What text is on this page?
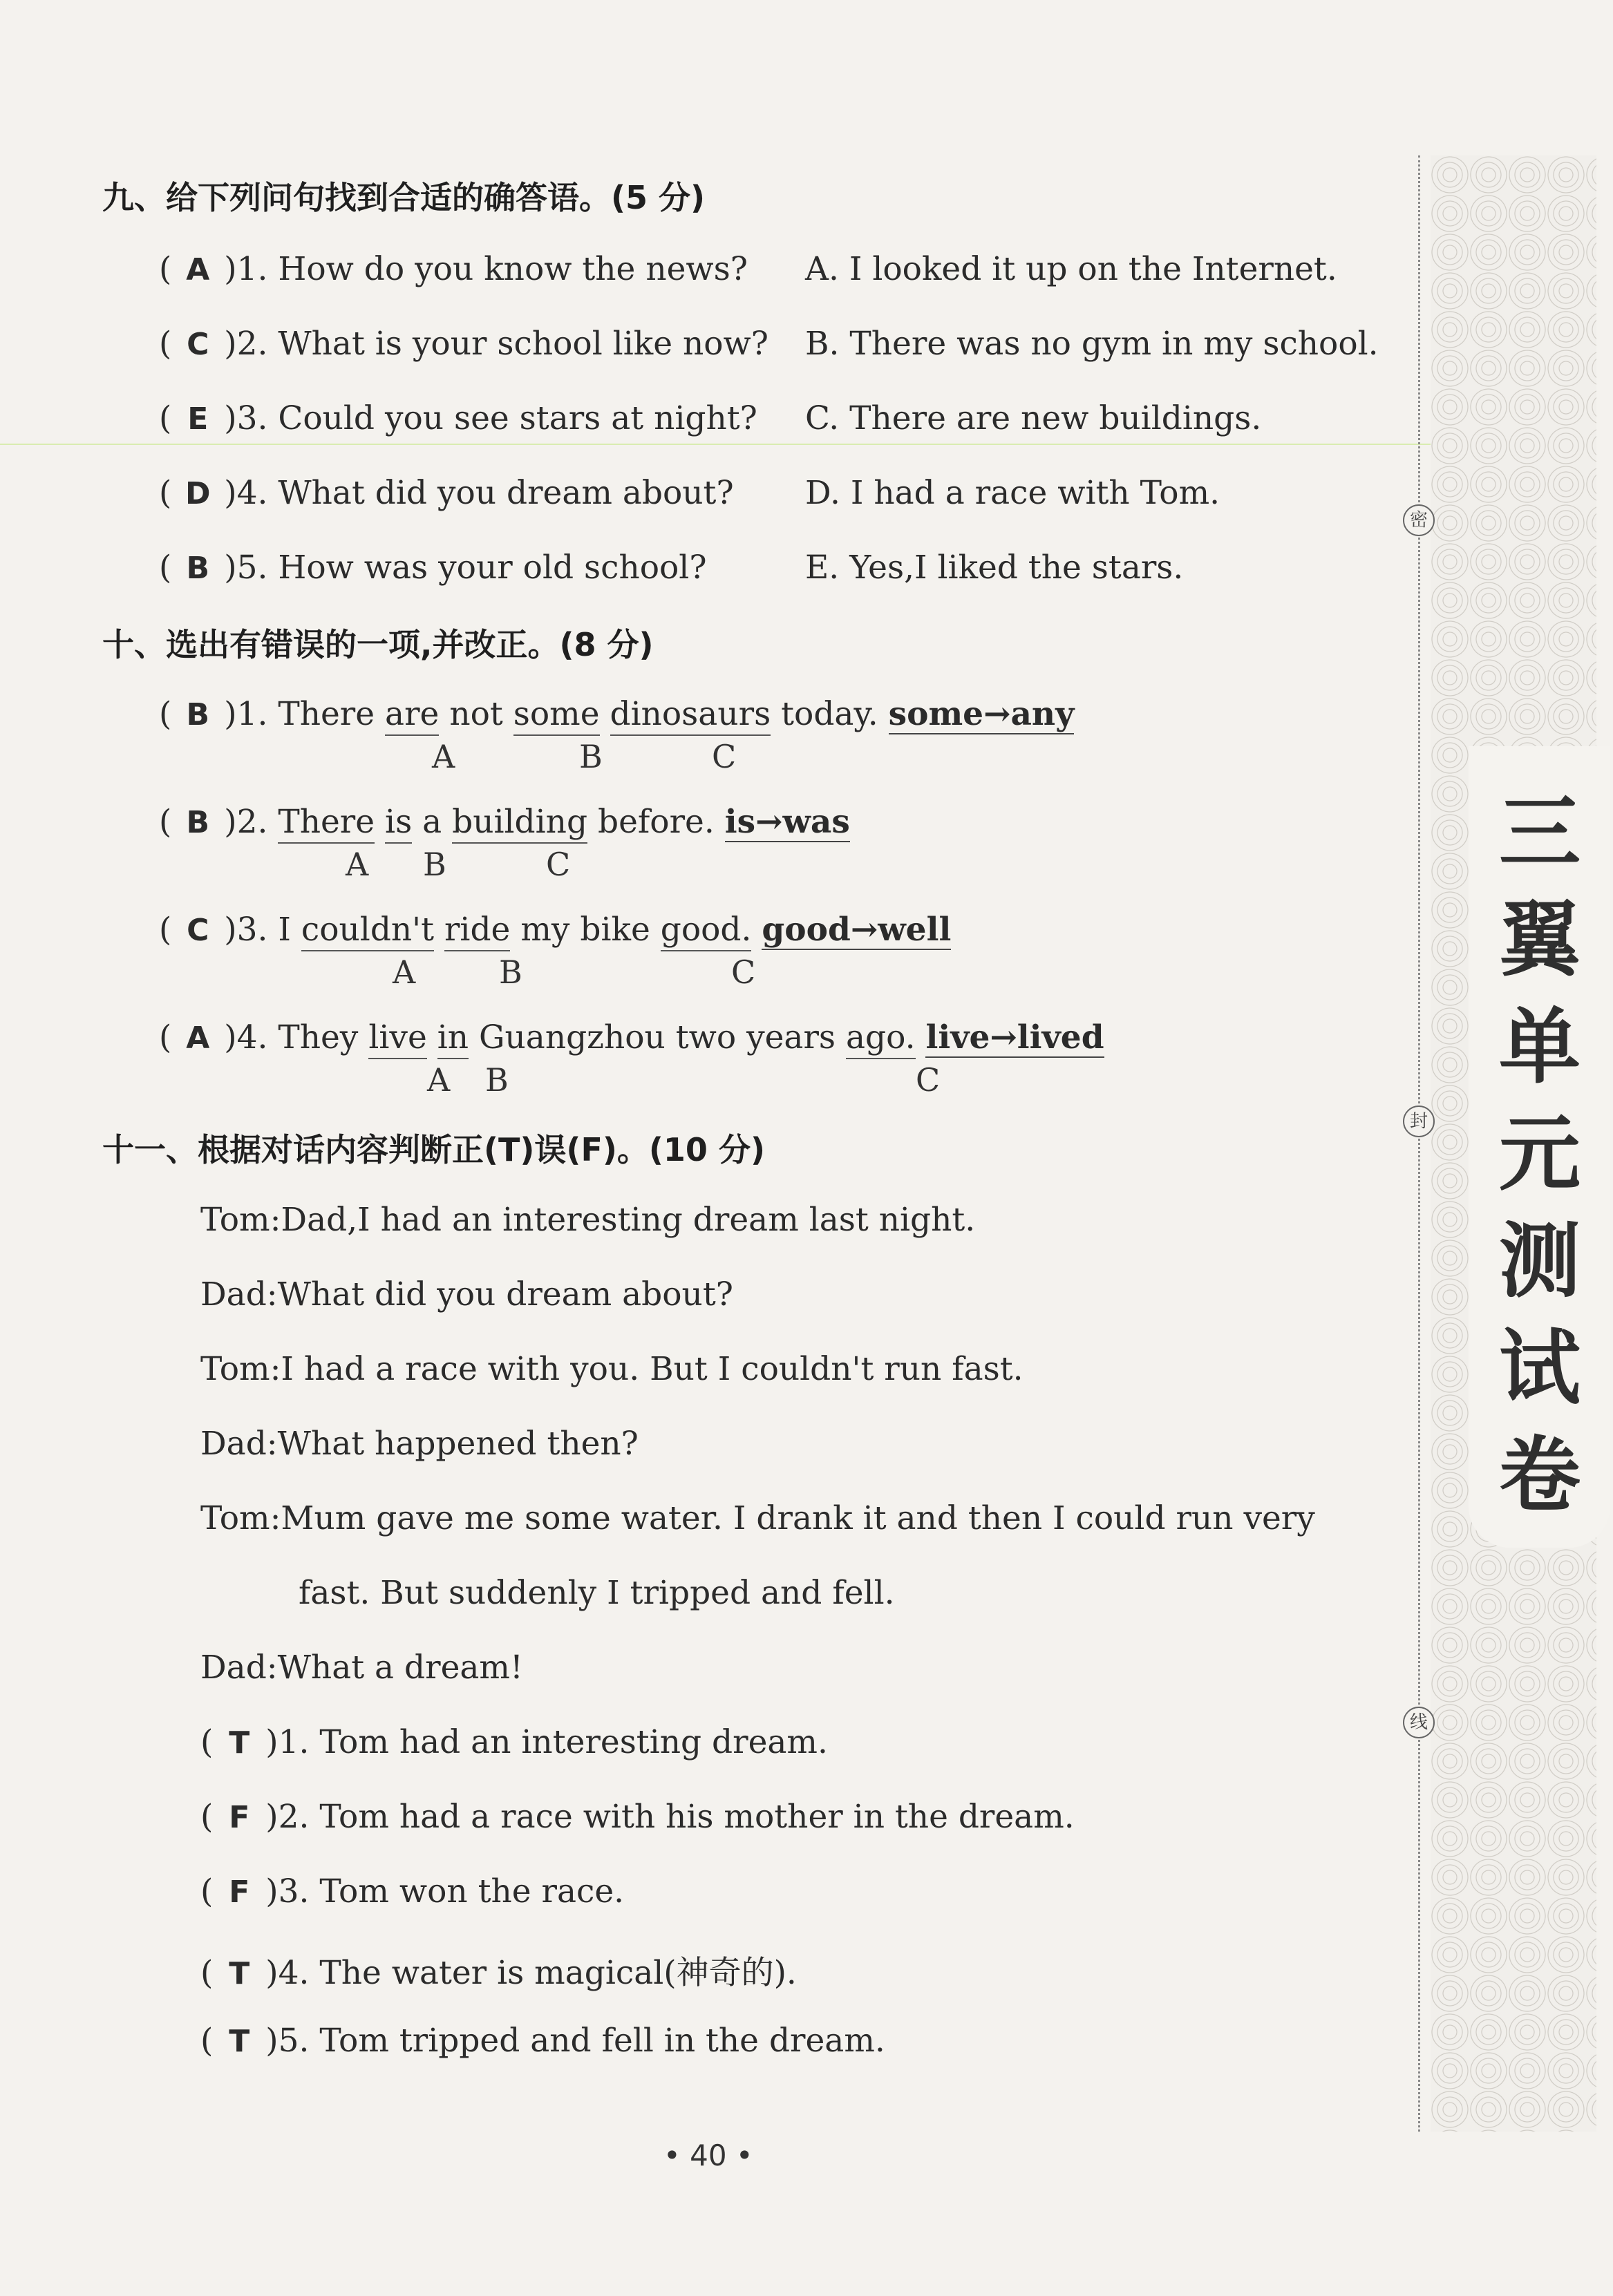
九、给下列问句找到合适的确答语。(5 分)
( A )1. How do you know the news?
( C )2. What is your school like now?
( E )3. Could you see stars at night?
( D )4. What did you dream about?
( B )5. How was your old school?
A. I looked it up on the Internet.
B. There was no gym in my school.
C. There are new buildings.
D. I had a race with Tom.
E. Yes,I liked the stars.
十、选出有错误的一项,并改正。(8 分)
( B )1. There are not some dinosaurs today. some→any
A	B	C
( B )2. There is a building before. is→was
A B	C
( C )3. I couldn't ride my bike good. good→well
A	B	C
( A )4. They live in Guangzhou two years ago. live→lived
A B	C
十一、根据对话内容判断正(T)误(F)。(10 分)
Tom:Dad,I had an interesting dream last night.
Dad:What did you dream about?
Tom:I had a race with you. But I couldn't run fast.
Dad:What happened then?
Tom:Mum gave me some water. I drank it and then I could run very
fast. But suddenly I tripped and fell.
Dad:What a dream!
( T )1. Tom had an interesting dream.
( F )2. Tom had a race with his mother in the dream.
( F )3. Tom won the race.
( T )4. The water is magical(神奇的).
( T )5. Tom tripped and fell in the dream.
• 40 •
三
翼
单
元
测
试
卷
密
封
线
